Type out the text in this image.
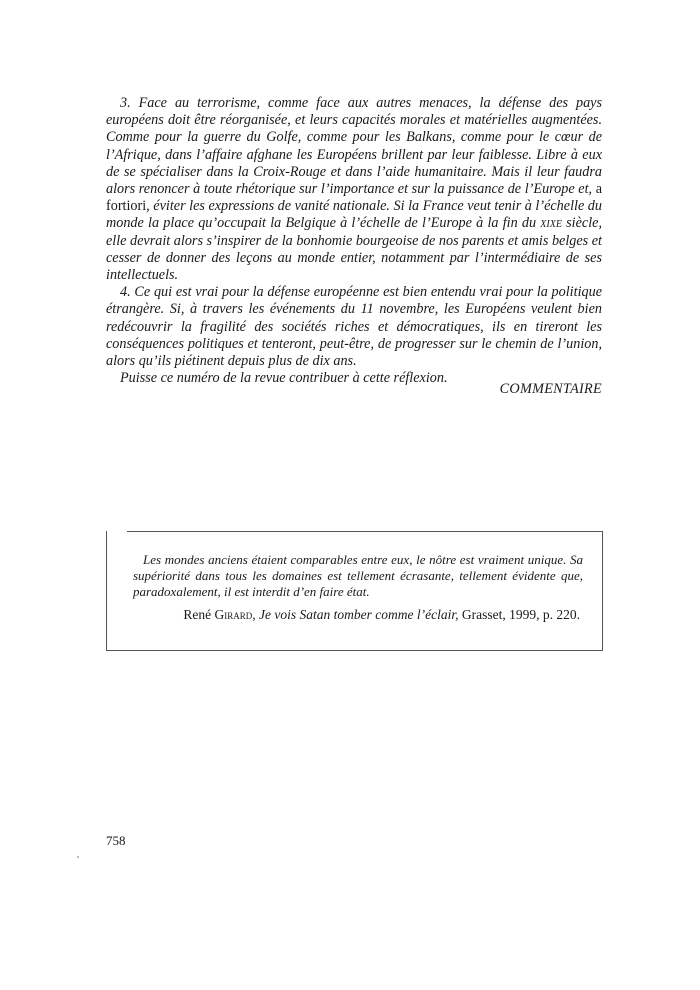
3. Face au terrorisme, comme face aux autres menaces, la défense des pays européens doit être réorganisée, et leurs capacités morales et matérielles augmentées. Comme pour la guerre du Golfe, comme pour les Balkans, comme pour le cœur de l’Afrique, dans l’affaire afghane les Européens brillent par leur faiblesse. Libre à eux de se spécialiser dans la Croix-Rouge et dans l’aide humanitaire. Mais il leur faudra alors renoncer à toute rhétorique sur l’importance et sur la puissance de l’Europe et, a fortiori, éviter les expressions de vanité nationale. Si la France veut tenir à l’échelle du monde la place qu’occupait la Belgique à l’échelle de l’Europe à la fin du xixe siècle, elle devrait alors s’inspirer de la bonhomie bourgeoise de nos parents et amis belges et cesser de donner des leçons au monde entier, notamment par l’intermédiaire de ses intellectuels.

4. Ce qui est vrai pour la défense européenne est bien entendu vrai pour la politique étrangère. Si, à travers les événements du 11 novembre, les Européens veulent bien redécouvrir la fragilité des sociétés riches et démocratiques, ils en tireront les conséquences politiques et tenteront, peut-être, de progresser sur le chemin de l’union, alors qu’ils piétinent depuis plus de dix ans.

Puisse ce numéro de la revue contribuer à cette réflexion.

COMMENTAIRE

Les mondes anciens étaient comparables entre eux, le nôtre est vraiment unique. Sa supériorité dans tous les domaines est tellement écrasante, tellement évidente que, paradoxalement, il est interdit d’en faire état.

René Girard, Je vois Satan tomber comme l’éclair, Grasset, 1999, p. 220.
758
